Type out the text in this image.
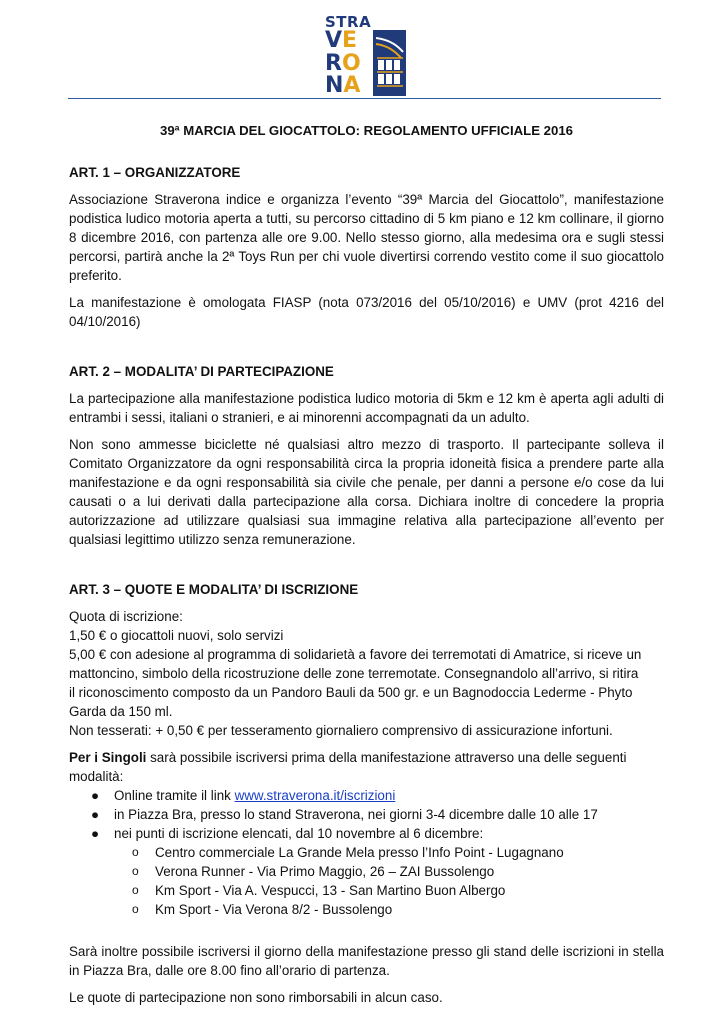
STRA
VE
RO
NA
39ª MARCIA DEL GIOCATTOLO: REGOLAMENTO UFFICIALE 2016
ART. 1 – ORGANIZZATORE

Associazione Straverona indice e organizza l’evento “39ª Marcia del Giocattolo”, manifestazione podistica ludico motoria aperta a tutti, su percorso cittadino di 5 km piano e 12 km collinare, il giorno 8 dicembre 2016, con partenza alle ore 9.00. Nello stesso giorno, alla medesima ora e sugli stessi percorsi, partirà anche la 2ª Toys Run per chi vuole divertirsi correndo vestito come il suo giocattolo preferito.

La manifestazione è omologata FIASP (nota 073/2016 del 05/10/2016) e UMV (prot 4216 del 04/10/2016)

ART. 2 – MODALITA’ DI PARTECIPAZIONE

La partecipazione alla manifestazione podistica ludico motoria di 5km e 12 km è aperta agli adulti di entrambi i sessi, italiani o stranieri, e ai minorenni accompagnati da un adulto.

Non sono ammesse biciclette né qualsiasi altro mezzo di trasporto. Il partecipante solleva il Comitato Organizzatore da ogni responsabilità circa la propria idoneità fisica a prendere parte alla manifestazione e da ogni responsabilità sia civile che penale, per danni a persone e/o cose da lui causati o a lui derivati dalla partecipazione alla corsa. Dichiara inoltre di concedere la propria autorizzazione ad utilizzare qualsiasi sua immagine relativa alla partecipazione all’evento per qualsiasi legittimo utilizzo senza remunerazione.

ART. 3 – QUOTE E MODALITA’ DI ISCRIZIONE
Quota di iscrizione:
1,50 € o giocattoli nuovi, solo servizi
5,00 € con adesione al programma di solidarietà a favore dei terremotati di Amatrice, si riceve un
mattoncino, simbolo della ricostruzione delle zone terremotate. Consegnandolo all’arrivo, si ritira
il riconoscimento composto da un Pandoro Bauli da 500 gr. e un Bagnodoccia Lederme - Phyto
Garda da 150 ml.
Non tesserati: + 0,50 € per tesseramento giornaliero comprensivo di assicurazione infortuni.
Per i Singoli sarà possibile iscriversi prima della manifestazione attraverso una delle seguenti
modalità:
● Online tramite il link www.straverona.it/iscrizioni
● in Piazza Bra, presso lo stand Straverona, nei giorni 3-4 dicembre dalle 10 alle 17
● nei punti di iscrizione elencati, dal 10 novembre al 6 dicembre:
o Centro commerciale La Grande Mela presso l’Info Point - Lugagnano
o Verona Runner - Via Primo Maggio, 26 – ZAI Bussolengo
o Km Sport - Via A. Vespucci, 13 - San Martino Buon Albergo
o Km Sport - Via Verona 8/2 - Bussolengo

Sarà inoltre possibile iscriversi il giorno della manifestazione presso gli stand delle iscrizioni in stella in Piazza Bra, dalle ore 8.00 fino all’orario di partenza.

Le quote di partecipazione non sono rimborsabili in alcun caso.
